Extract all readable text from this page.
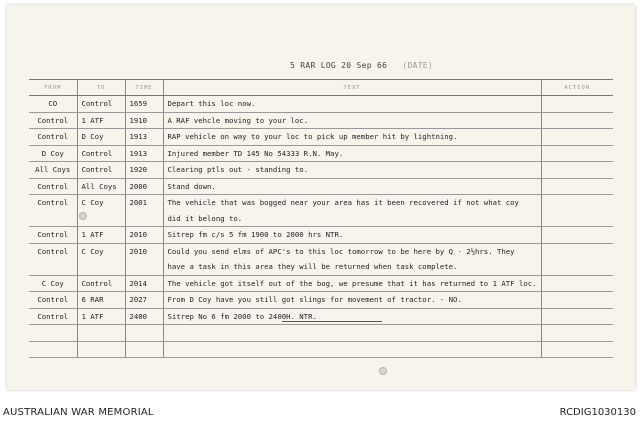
5 RAR LOG 20 Sep 66 (DATE)
FROM	TO	TIME	TEXT	ACTION
CO	Control	1659	Depart this loc now.	
Control	1 ATF	1910	A RAF vehcle moving to your loc.	
Control	D Coy	1913	RAP vehicle on way to your loc to pick up member hit by lightning.	
D Coy	Control	1913	Injured member TD 145 No 54333 R.N. May.	
All Coys	Control	1920	Clearing ptls out - standing to.	
Control	All Coys	2000	Stand down.	
Control	C Coy	2001	The vehicle that was bogged near your area has it been recovered if not what coy	
			did it belong to.	
Control	1 ATF	2010	Sitrep fm c/s 5 fm 1900 to 2000 hrs NTR.	
Control	C Coy	2010	Could you send elms of APC's to this loc tomorrow to be here by Q - 2½hrs. They	
			have a task in this area they will be returned when task complete.	
C Coy	Control	2014	The vehicle got itself out of the bog, we presume that it has returned to 1 ATF loc.	
Control	6 RAR	2027	From D Coy have you still got slings for movement of tractor. - NO.	
Control	1 ATF	2400	Sitrep No 6 fm 2000 to 2400H. NTR.	

AUSTRALIAN WAR MEMORIAL	RCDIG1030130
